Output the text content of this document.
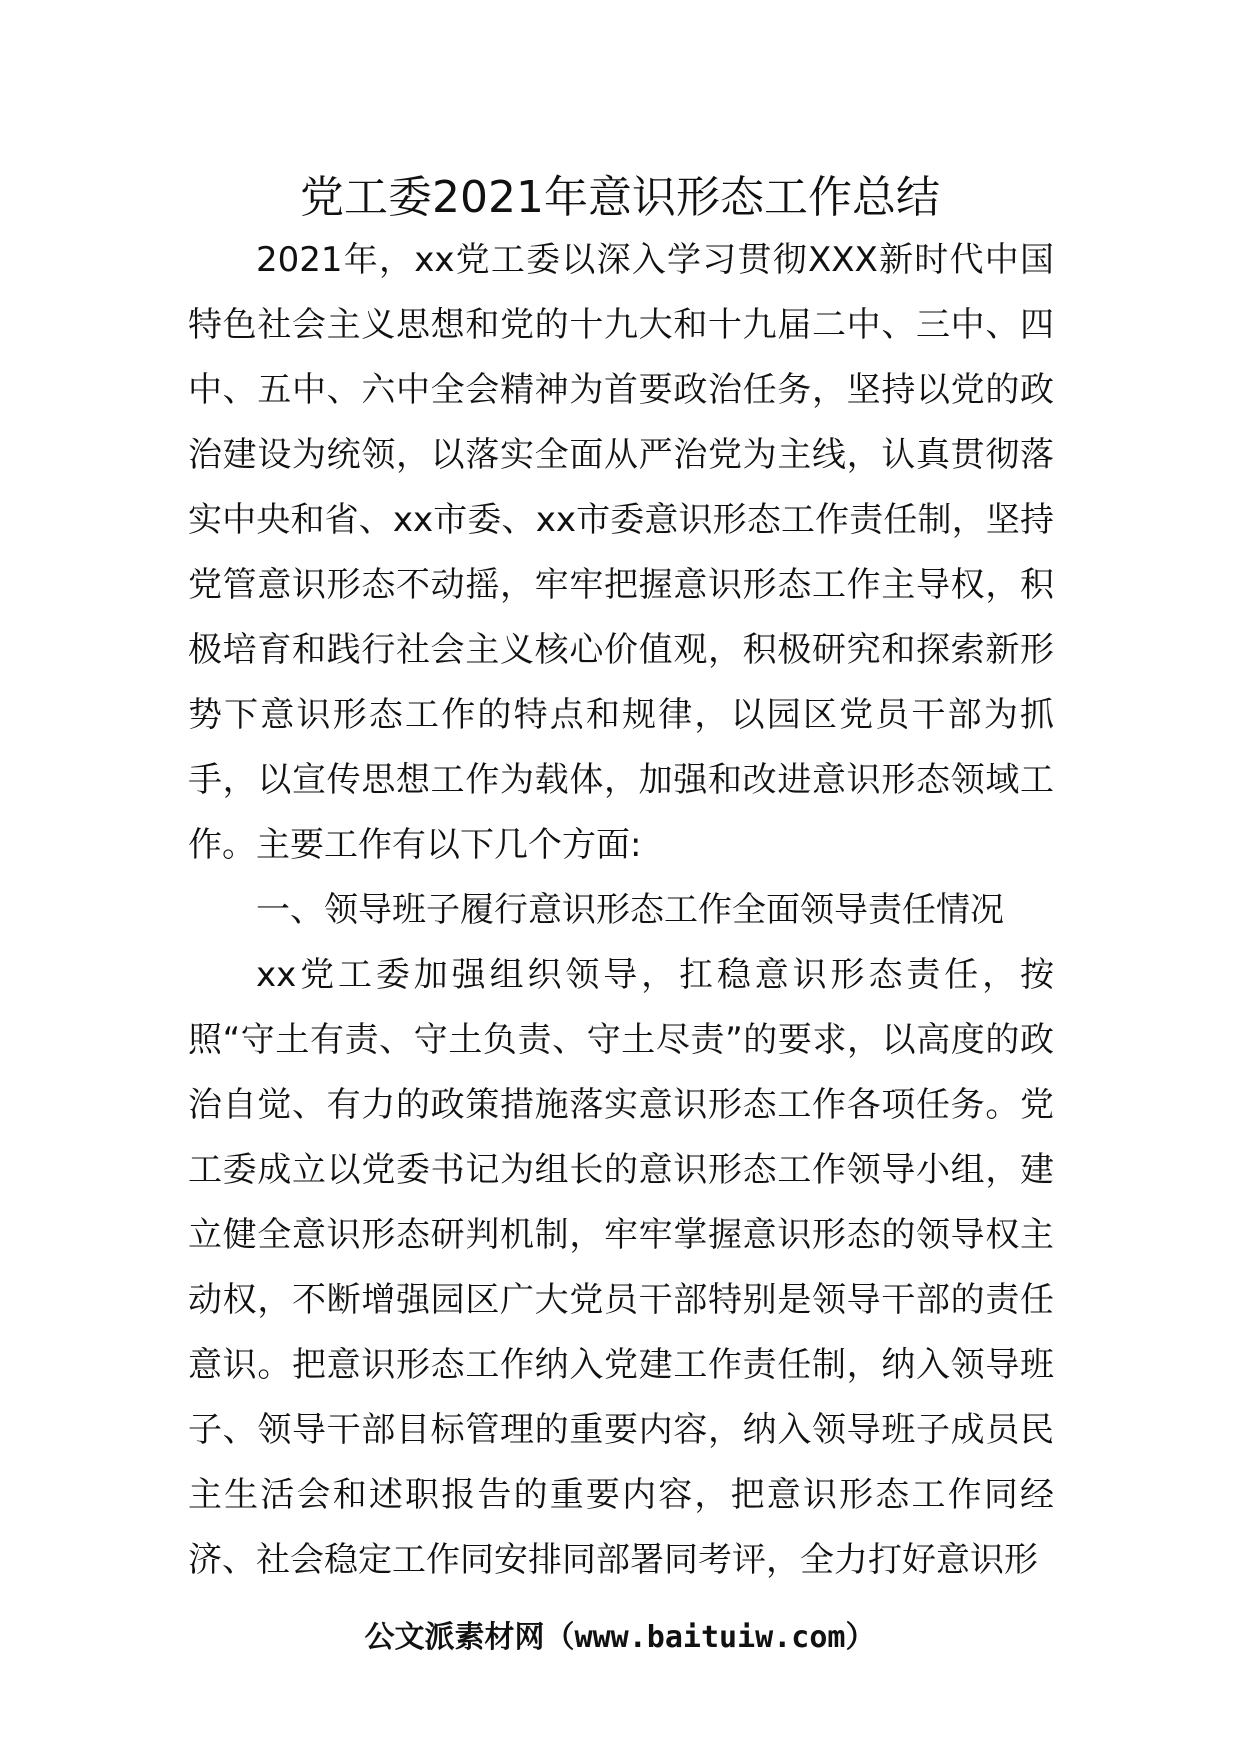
党工委2021年意识形态工作总结

2021年，xx党工委以深入学习贯彻XXX新时代中国特色社会主义思想和党的十九大和十九届二中、三中、四中、五中、六中全会精神为首要政治任务，坚持以党的政治建设为统领，以落实全面从严治党为主线，认真贯彻落实中央和省、xx市委、xx市委意识形态工作责任制，坚持党管意识形态不动摇，牢牢把握意识形态工作主导权，积极培育和践行社会主义核心价值观，积极研究和探索新形势下意识形态工作的特点和规律，以园区党员干部为抓手，以宣传思想工作为载体，加强和改进意识形态领域工作。主要工作有以下几个方面:

一、领导班子履行意识形态工作全面领导责任情况

xx党工委加强组织领导，扛稳意识形态责任，按照“守土有责、守土负责、守土尽责”的要求，以高度的政治自觉、有力的政策措施落实意识形态工作各项任务。党工委成立以党委书记为组长的意识形态工作领导小组，建立健全意识形态研判机制，牢牢掌握意识形态的领导权主动权，不断增强园区广大党员干部特别是领导干部的责任意识。把意识形态工作纳入党建工作责任制，纳入领导班子、领导干部目标管理的重要内容，纳入领导班子成员民主生活会和述职报告的重要内容，把意识形态工作同经济、社会稳定工作同安排同部署同考评，全力打好意识形

公文派素材网（www.baituiw.com）
